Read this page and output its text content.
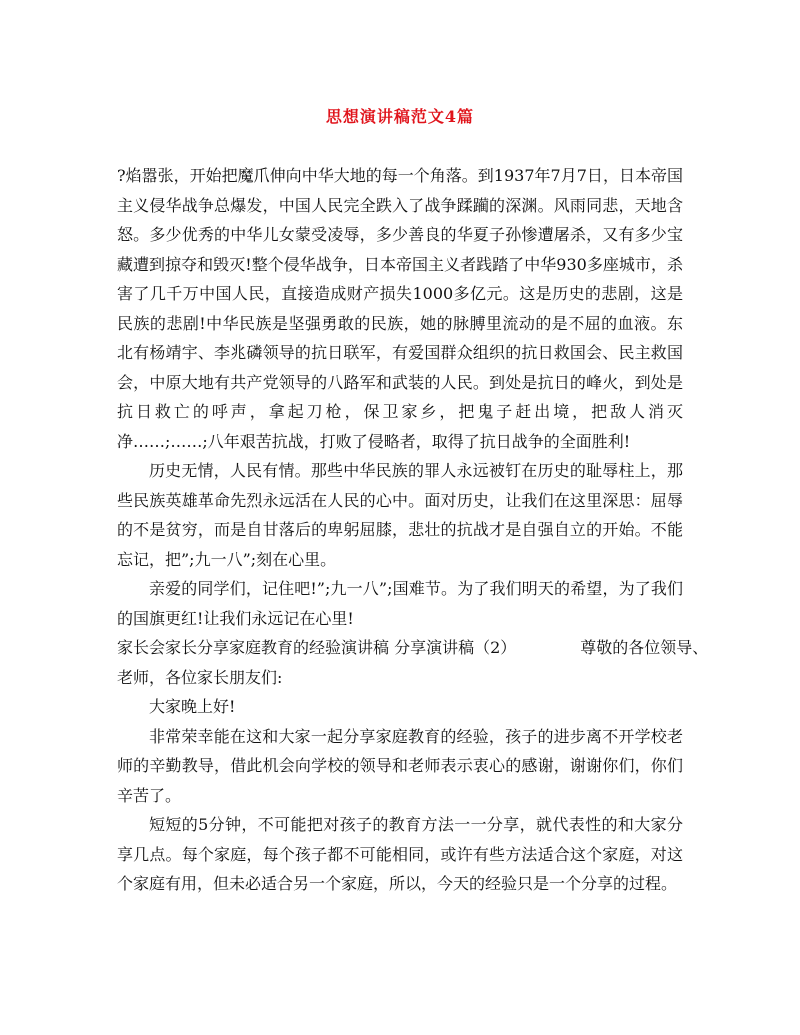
思想演讲稿范文4篇

?焰嚣张，开始把魔爪伸向中华大地的每一个角落。到1937年7月7日，日本帝国主义侵华战争总爆发，中国人民完全跌入了战争蹂躏的深渊。风雨同悲，天地含怒。多少优秀的中华儿女蒙受凌辱，多少善良的华夏子孙惨遭屠杀，又有多少宝藏遭到掠夺和毁灭!整个侵华战争，日本帝国主义者践踏了中华930多座城市，杀害了几千万中国人民，直接造成财产损失1000多亿元。这是历史的悲剧，这是民族的悲剧!中华民族是坚强勇敢的民族，她的脉膊里流动的是不屈的血液。东北有杨靖宇、李兆磷领导的抗日联军，有爱国群众组织的抗日救国会、民主救国会，中原大地有共产党领导的八路军和武装的人民。到处是抗日的峰火，到处是抗日救亡的呼声，拿起刀枪，保卫家乡，把鬼子赶出境，把敌人消灭净……;……;八年艰苦抗战，打败了侵略者，取得了抗日战争的全面胜利!

历史无情，人民有情。那些中华民族的罪人永远被钉在历史的耻辱柱上，那些民族英雄革命先烈永远活在人民的心中。面对历史，让我们在这里深思：屈辱的不是贫穷，而是自甘落后的卑躬屈膝，悲壮的抗战才是自强自立的开始。不能忘记，把”;九一八”;刻在心里。

亲爱的同学们，记住吧!”;九一八”;国难节。为了我们明天的希望，为了我们的国旗更红!让我们永远记在心里!

家长会家长分享家庭教育的经验演讲稿 分享演讲稿（2）	尊敬的各位领导、

老师，各位家长朋友们:

大家晚上好!

非常荣幸能在这和大家一起分享家庭教育的经验，孩子的进步离不开学校老师的辛勤教导，借此机会向学校的领导和老师表示衷心的感谢，谢谢你们，你们辛苦了。

短短的5分钟，不可能把对孩子的教育方法一一分享，就代表性的和大家分享几点。每个家庭，每个孩子都不可能相同，或许有些方法适合这个家庭，对这个家庭有用，但未必适合另一个家庭，所以，今天的经验只是一个分享的过程。
